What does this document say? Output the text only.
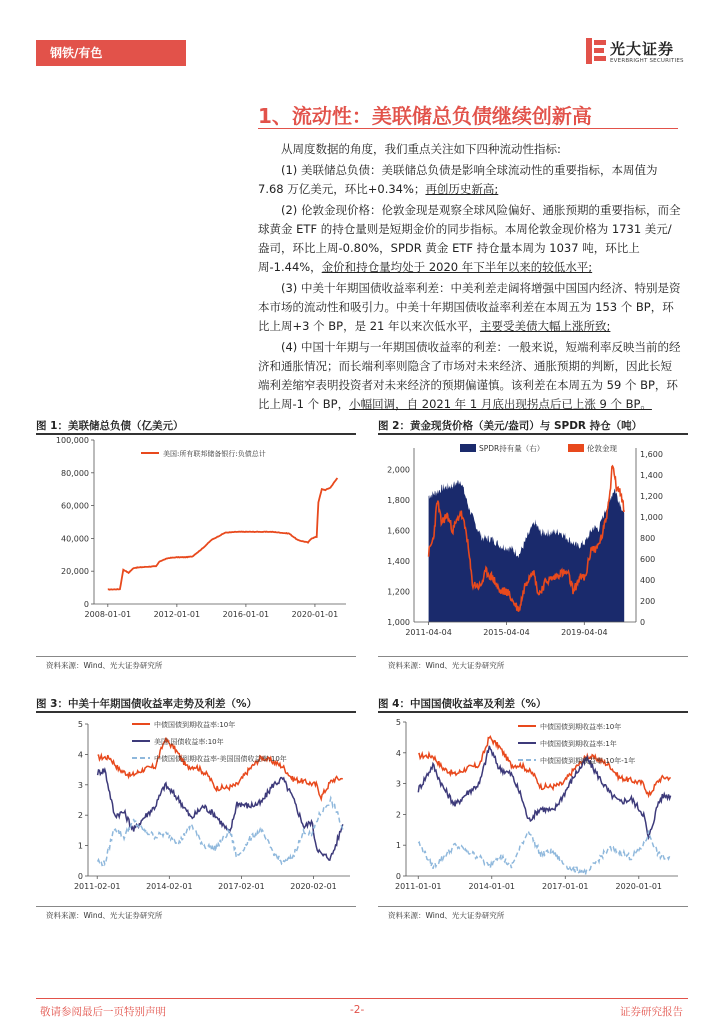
钢铁/有色	光大证券
EVERBRIGHT SECURITIES
1、流动性：美联储总负债继续创新高

从周度数据的角度，我们重点关注如下四种流动性指标:

(1) 美联储总负债：美联储总负债是影响全球流动性的重要指标，本周值为 7.68 万亿美元，环比+0.34%；再创历史新高;

(2) 伦敦金现价格：伦敦金现是观察全球风险偏好、通胀预期的重要指标，而全球黄金 ETF 的持仓量则是短期金价的同步指标。本周伦敦金现价格为 1731 美元/盎司，环比上周-0.80%，SPDR 黄金 ETF 持仓量本周为 1037 吨，环比上周-1.44%，金价和持仓量均处于 2020 年下半年以来的较低水平;

(3) 中美十年期国债收益率利差：中美利差走阔将增强中国国内经济、特别是资本市场的流动性和吸引力。中美十年期国债收益率利差在本周五为 153 个 BP，环比上周+3 个 BP，是 21 年以来次低水平，主要受美债大幅上涨所致;

(4) 中国十年期与一年期国债收益率的利差：一般来说，短端利率反映当前的经济和通胀情况；而长端利率则隐含了市场对未来经济、通胀预期的判断，因此长短端利差缩窄表明投资者对未来经济的预期偏谨慎。该利差在本周五为 59 个 BP，环比上周-1 个 BP，小幅回调，自 2021 年 1 月底出现拐点后已上涨 9 个 BP。

图 1：美联储总负债（亿美元）
0
20,000
40,000
60,000
80,000
100,000
2008-01-01	2012-01-01	2016-01-01	2020-01-01
美国:所有联邦储备银行:负债总计
资料来源：Wind、光大证券研究所
图 2：黄金现货价格（美元/盎司）与 SPDR 持仓（吨）
1,000
1,200
1,400
1,600
1,800
2,000
0
200
400
600
800
1,000
1,200
1,400
1,600
2011-04-04	2015-04-04	2019-04-04
SPDR持有量（右）	伦敦金现
资料来源：Wind、光大证券研究所
图 3：中美十年期国债收益率走势及利差（%）
0
1
2
3
4
5
2011-02-01	2014-02-01	2017-02-01	2020-02-01
中债国债到期收益率:10年
美国:国债收益率:10年
中债国债到期收益率-美国国债收益率:10年
资料来源：Wind、光大证券研究所
图 4：中国国债收益率及利差（%）
0
1
2
3
4
5
2011-01-01	2014-01-01	2017-01-01	2020-01-01
中债国债到期收益率:10年
中债国债到期收益率:1年
中债国债到期收益率:10年-1年
资料来源：Wind、光大证券研究所
敬请参阅最后一页特别声明	-2-	证券研究报告
